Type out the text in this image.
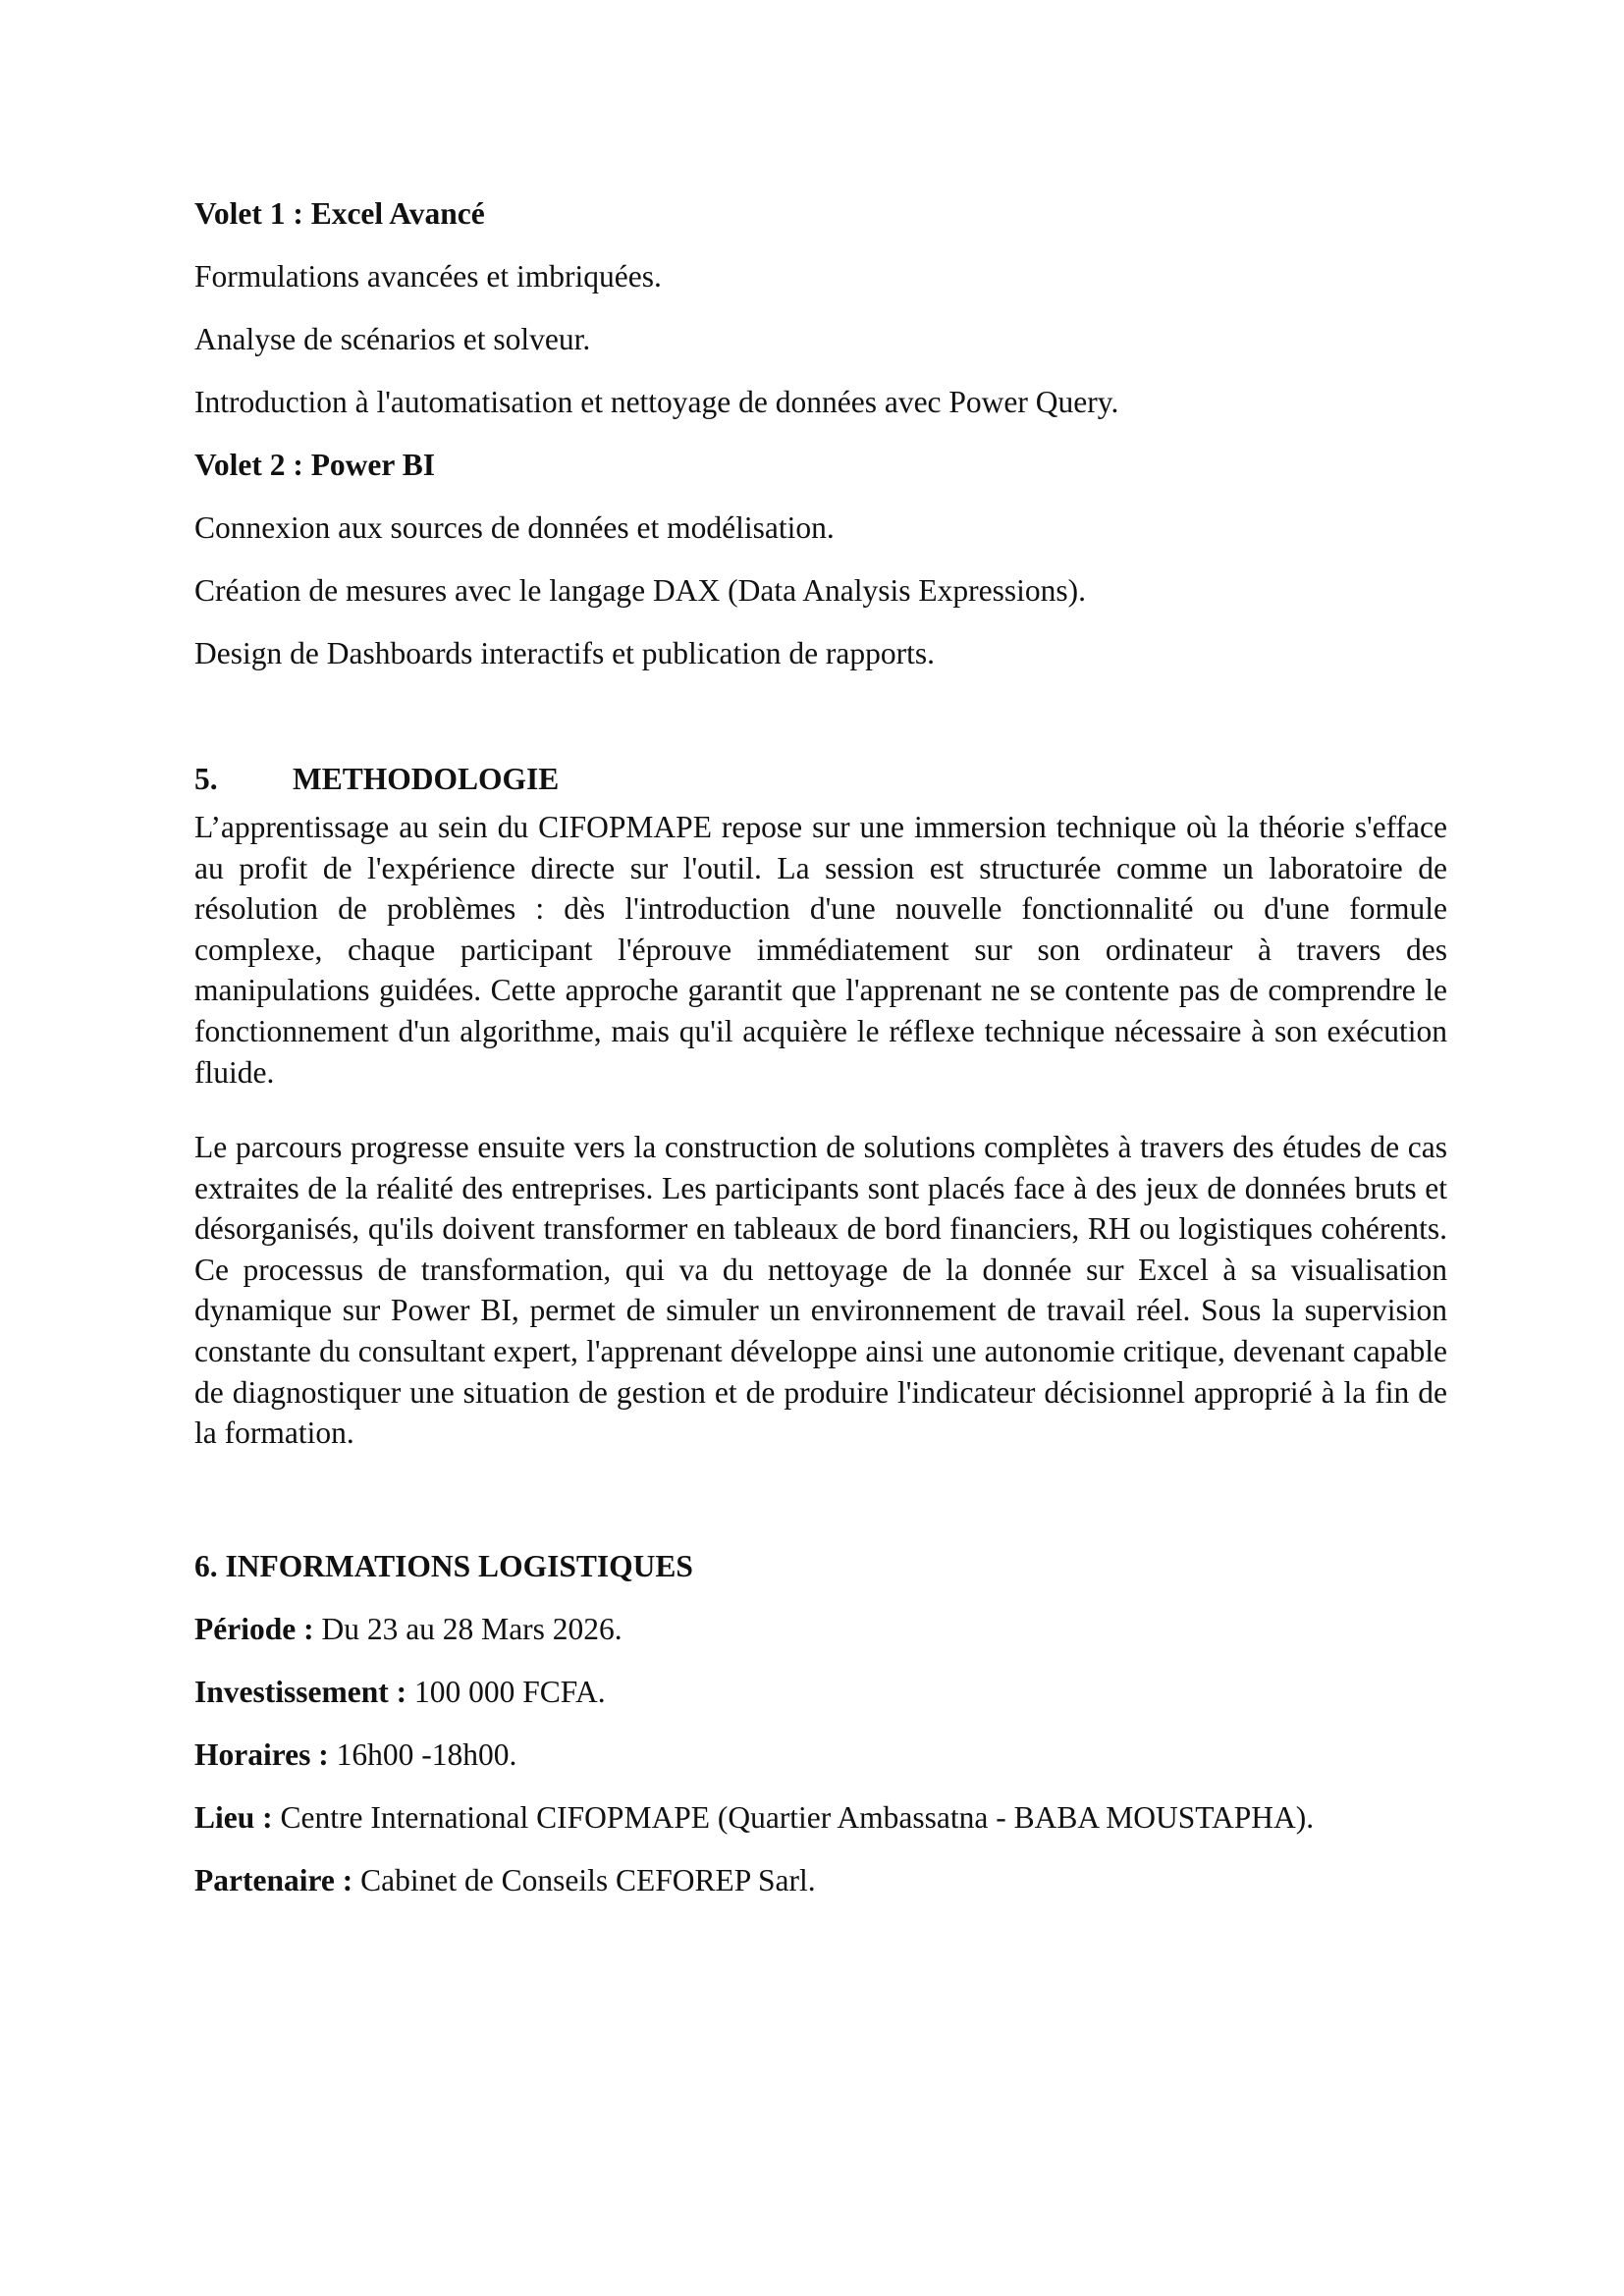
Volet 1 : Excel Avancé
Formulations avancées et imbriquées.
Analyse de scénarios et solveur.
Introduction à l'automatisation et nettoyage de données avec Power Query.
Volet 2 : Power BI
Connexion aux sources de données et modélisation.
Création de mesures avec le langage DAX (Data Analysis Expressions).
Design de Dashboards interactifs et publication de rapports.
5. METHODOLOGIE

L’apprentissage au sein du CIFOPMAPE repose sur une immersion technique où la théorie s'efface au profit de l'expérience directe sur l'outil. La session est structurée comme un laboratoire de résolution de problèmes : dès l'introduction d'une nouvelle fonctionnalité ou d'une formule complexe, chaque participant l'éprouve immédiatement sur son ordinateur à travers des manipulations guidées. Cette approche garantit que l'apprenant ne se contente pas de comprendre le fonctionnement d'un algorithme, mais qu'il acquière le réflexe technique nécessaire à son exécution fluide.

Le parcours progresse ensuite vers la construction de solutions complètes à travers des études de cas extraites de la réalité des entreprises. Les participants sont placés face à des jeux de données bruts et désorganisés, qu'ils doivent transformer en tableaux de bord financiers, RH ou logistiques cohérents. Ce processus de transformation, qui va du nettoyage de la donnée sur Excel à sa visualisation dynamique sur Power BI, permet de simuler un environnement de travail réel. Sous la supervision constante du consultant expert, l'apprenant développe ainsi une autonomie critique, devenant capable de diagnostiquer une situation de gestion et de produire l'indicateur décisionnel approprié à la fin de la formation.

6. INFORMATIONS LOGISTIQUES
Période : Du 23 au 28 Mars 2026.
Investissement : 100 000 FCFA.
Horaires : 16h00 -18h00.
Lieu : Centre International CIFOPMAPE (Quartier Ambassatna - BABA MOUSTAPHA).
Partenaire : Cabinet de Conseils CEFOREP Sarl.
